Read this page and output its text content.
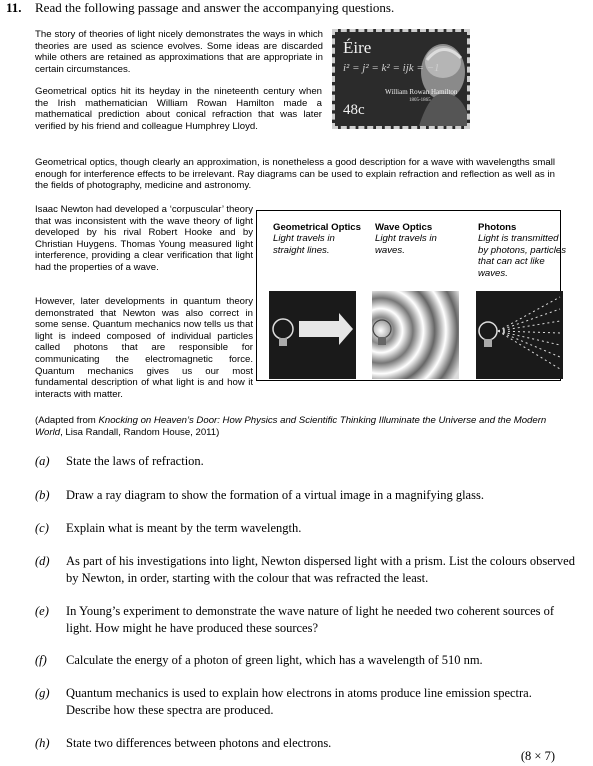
11. Read the following passage and answer the accompanying questions.
The story of theories of light nicely demonstrates the ways in which theories are used as science evolves. Some ideas are discarded while others are retained as approximations that are appropriate in certain circumstances.
Geometrical optics hit its heyday in the nineteenth century when the Irish mathematician William Rowan Hamilton made a mathematical prediction about conical refraction that was later verified by his friend and colleague Humphrey Lloyd.
Éire
i² = j² = k² = ijk = −1
William Rowan Hamilton
1805-1865
48c
Geometrical optics, though clearly an approximation, is nonetheless a good description for a wave with wavelengths small enough for interference effects to be irrelevant. Ray diagrams can be used to explain refraction and reflection as well as in the fields of photography, medicine and astronomy.
Isaac Newton had developed a ‘corpuscular’ theory that was inconsistent with the wave theory of light developed by his rival Robert Hooke and by Christian Huygens. Thomas Young measured light interference, providing a clear verification that light had the properties of a wave.
However, later developments in quantum theory demonstrated that Newton was also correct in some sense. Quantum mechanics now tells us that light is indeed composed of individual particles called photons that are responsible for communicating the electromagnetic force. Quantum mechanics gives us our most fundamental description of what light is and how it interacts with matter.
Geometrical Optics
Light travels in straight lines.
Wave Optics
Light travels in waves.
Photons
Light is transmitted by photons, particles that can act like waves.
(Adapted from Knocking on Heaven’s Door: How Physics and Scientific Thinking Illuminate the Universe and the Modern World, Lisa Randall, Random House, 2011)
(a) State the laws of refraction.
(b) Draw a ray diagram to show the formation of a virtual image in a magnifying glass.
(c) Explain what is meant by the term wavelength.
(d) As part of his investigations into light, Newton dispersed light with a prism. List the colours observed by Newton, in order, starting with the colour that was refracted the least.
(e) In Young’s experiment to demonstrate the wave nature of light he needed two coherent sources of light. How might he have produced these sources?
(f) Calculate the energy of a photon of green light, which has a wavelength of 510 nm.
(g) Quantum mechanics is used to explain how electrons in atoms produce line emission spectra. Describe how these spectra are produced.
(h) State two differences between photons and electrons.
(8 × 7)
